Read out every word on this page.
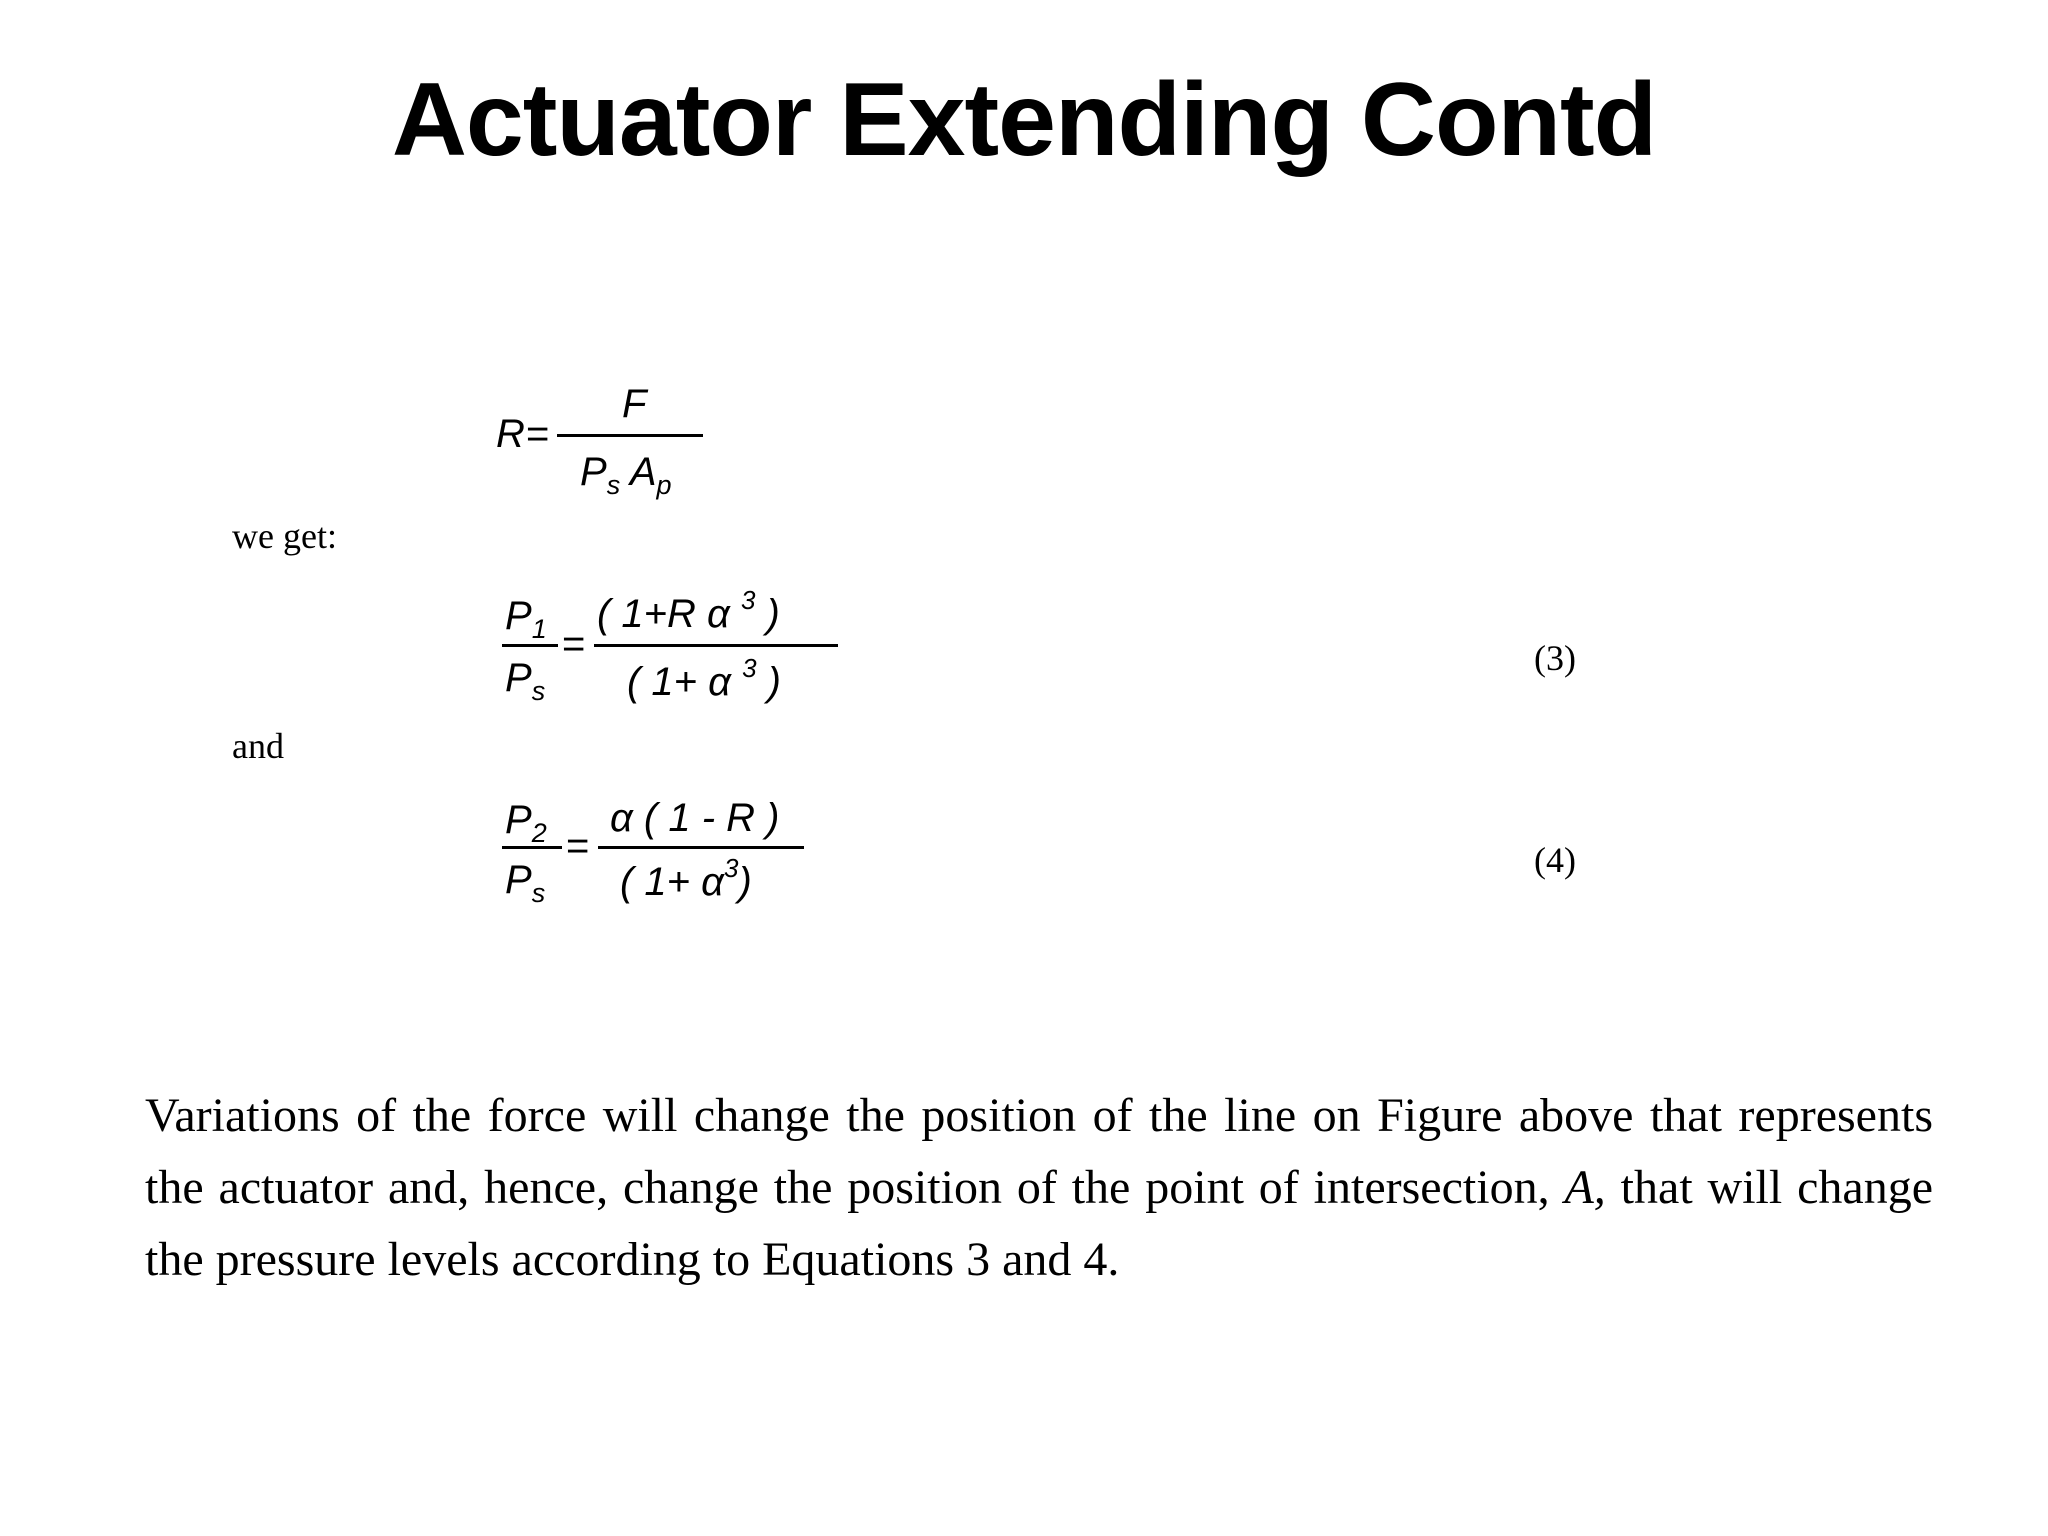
Actuator Extending Contd
R =
F
$P_s$ $A_p$
we get:
$P_1$
$P_s$
=
( 1+R α $^3$ )
( 1+ α $^3$ )
(3)
and
$P_2$
$P_s$
=
α ( 1 - R )
( $1+ \alpha^3$)	(4)

Variations of the force will change the position of the line on Figure above that represents the actuator and, hence, change the position of the point of intersection, A, that will change the pressure levels according to Equations 3 and 4.
